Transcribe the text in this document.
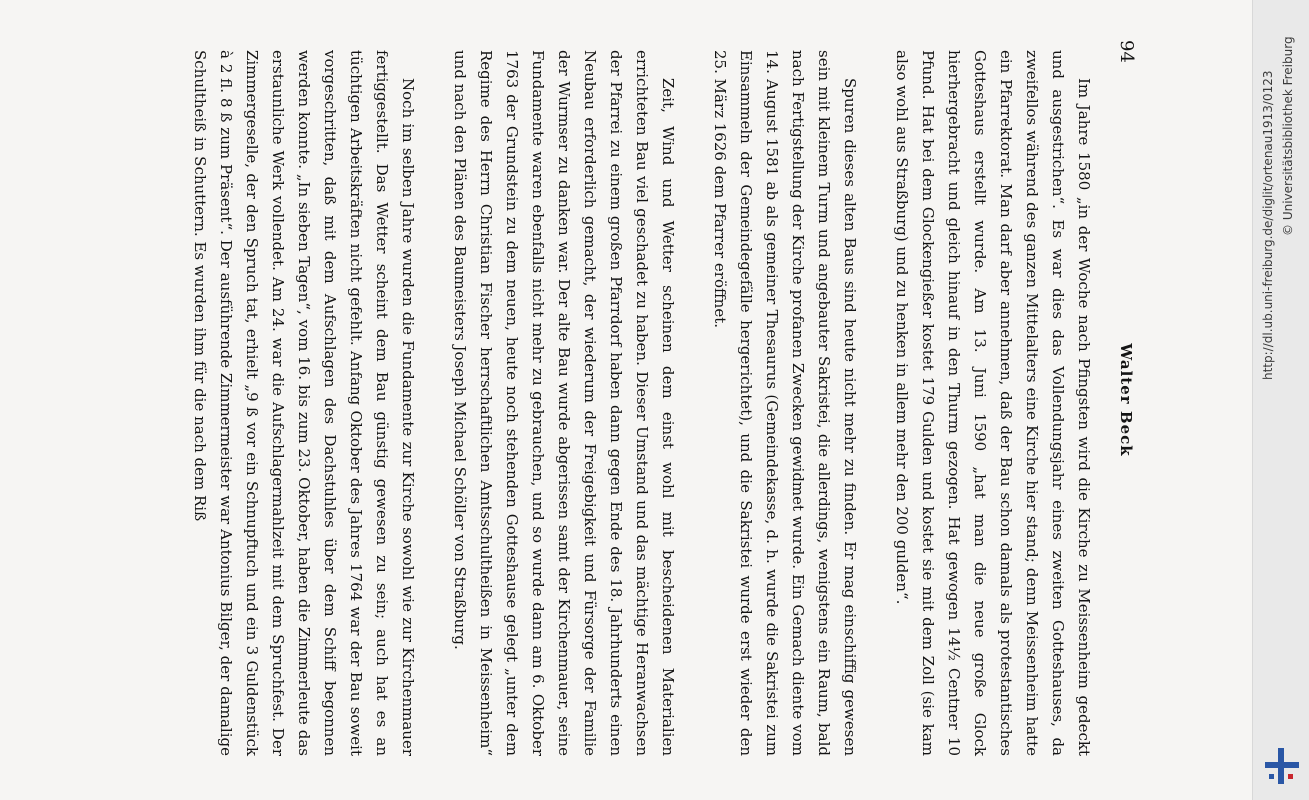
94
Walter Beck

Im Jahre 1580 „in der Woche nach Pfingsten wird die Kirche zu Meissenheim gedeckt und ausgestrichen“. Es war dies das Vollendungsjahr eines zweiten Gotteshauses, da zweifellos während des ganzen Mittelalters eine Kirche hier stand; denn Meissenheim hatte ein Pfarrektorat. Man darf aber annehmen, daß der Bau schon damals als protestantisches Gotteshaus erstellt wurde. Am 13. Juni 1590 „hat man die neue große Glock hierhergebracht und gleich hinauf in den Thurm gezogen. Hat gewogen 14½ Centner 10 Pfund. Hat bei dem Glockengießer kostet 179 Gulden und kostet sie mit dem Zoll (sie kam also wohl aus Straßburg) und zu henken in allem mehr den 200 gulden“.

Spuren dieses alten Baus sind heute nicht mehr zu finden. Er mag einschiffig gewesen sein mit kleinem Turm und angebauter Sakristei, die allerdings, wenigstens ein Raum, bald nach Fertigstellung der Kirche profanen Zwecken gewidmet wurde. Ein Gemach diente vom 14. August 1581 ab als gemeiner Thesaurus (Gemeindekasse, d. h. wurde die Sakristei zum Einsammeln der Gemeindegefälle hergerichtet), und die Sakristei wurde erst wieder den 25. März 1626 dem Pfarrer eröffnet.

Zeit, Wind und Wetter scheinen dem einst wohl mit bescheidenen Materialien errichteten Bau viel geschadet zu haben. Dieser Umstand und das mächtige Heranwachsen der Pfarrei zu einem großen Pfarrdorf haben dann gegen Ende des 18. Jahrhunderts einen Neubau erforderlich gemacht, der wiederum der Freigebigkeit und Fürsorge der Familie der Wurmser zu danken war. Der alte Bau wurde abgerissen samt der Kirchenmauer, seine Fundamente waren ebenfalls nicht mehr zu gebrauchen, und so wurde dann am 6. Oktober 1763 der Grundstein zu dem neuen, heute noch stehenden Gotteshause gelegt „unter dem Regime des Herrn Christian Fischer herrschaftlichen Amtsschultheißen in Meissenheim“ und nach den Plänen des Baumeisters Joseph Michael Schöller von Straßburg.

Noch im selben Jahre wurden die Fundamente zur Kirche sowohl wie zur Kirchenmauer fertiggestellt. Das Wetter scheint dem Bau günstig gewesen zu sein; auch hat es an tüchtigen Arbeitskräften nicht gefehlt. Anfang Oktober des Jahres 1764 war der Bau soweit vorgeschritten, daß mit dem Aufschlagen des Dachstuhles über dem Schiff begonnen werden konnte. „In sieben Tagen“, vom 16. bis zum 23. Oktober, haben die Zimmerleute das erstaunliche Werk vollendet. Am 24. war die Aufschlagermahlzeit mit dem Spruchfest. Der Zimmergeselle, der den Spruch tat, erhielt „9 ß vor ein Schnupftuch und ein 3 Guldenstück à 2 fl. 8 ß zum Präsent“. Der ausführende Zimmermeister war Antonius Bilger, der damalige Schultheiß in Schuttern. Es wurden ihm für die nach dem Riß	http://dl.ub.uni-freiburg.de/diglit/ortenau1913/0123 © Universitätsbibliothek Freiburg
